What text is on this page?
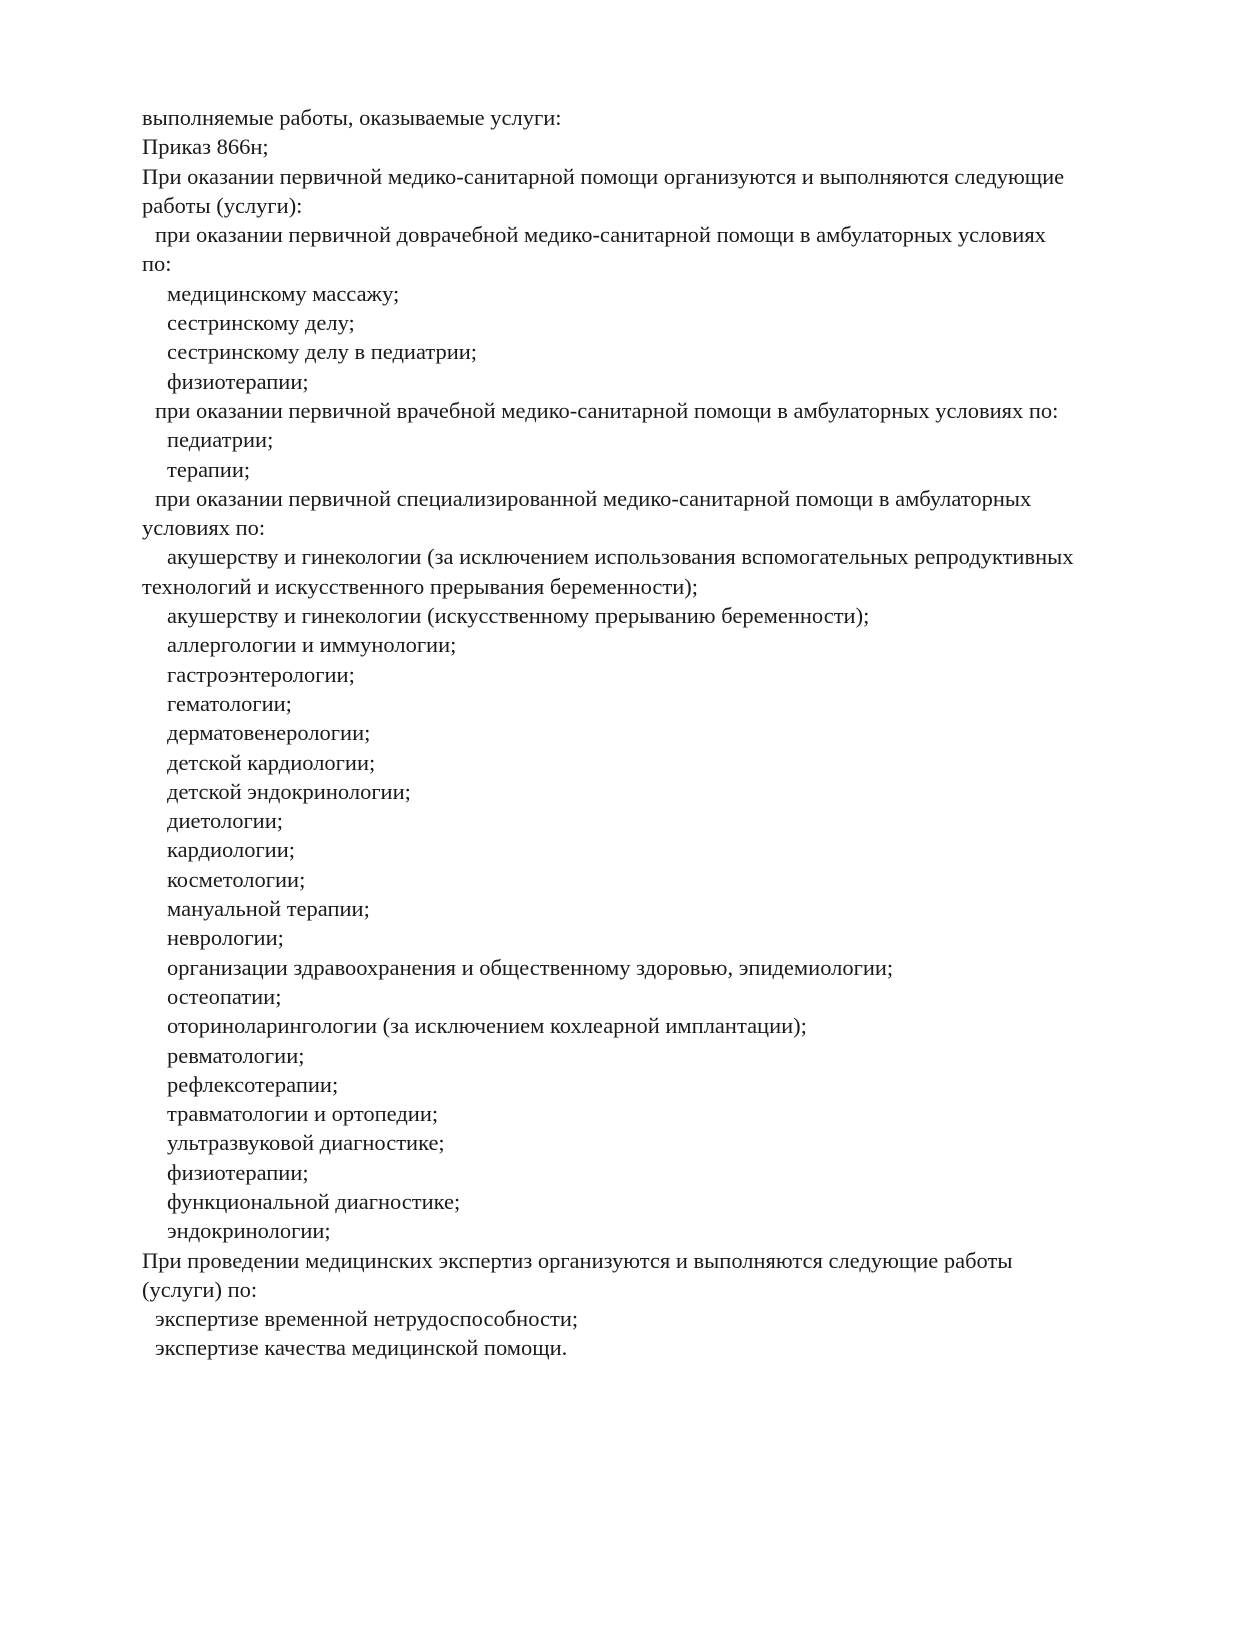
выполняемые работы, оказываемые услуги:
Приказ 866н;
При оказании первичной медико-санитарной помощи организуются и выполняются следующие
работы (услуги):
при оказании первичной доврачебной медико-санитарной помощи в амбулаторных условиях
по:
медицинскому массажу;
сестринскому делу;
сестринскому делу в педиатрии;
физиотерапии;
при оказании первичной врачебной медико-санитарной помощи в амбулаторных условиях по:
педиатрии;
терапии;
при оказании первичной специализированной медико-санитарной помощи в амбулаторных
условиях по:
акушерству и гинекологии (за исключением использования вспомогательных репродуктивных
технологий и искусственного прерывания беременности);
акушерству и гинекологии (искусственному прерыванию беременности);
аллергологии и иммунологии;
гастроэнтерологии;
гематологии;
дерматовенерологии;
детской кардиологии;
детской эндокринологии;
диетологии;
кардиологии;
косметологии;
мануальной терапии;
неврологии;
организации здравоохранения и общественному здоровью, эпидемиологии;
остеопатии;
оториноларингологии (за исключением кохлеарной имплантации);
ревматологии;
рефлексотерапии;
травматологии и ортопедии;
ультразвуковой диагностике;
физиотерапии;
функциональной диагностике;
эндокринологии;
При проведении медицинских экспертиз организуются и выполняются следующие работы
(услуги) по:
экспертизе временной нетрудоспособности;
экспертизе качества медицинской помощи.
